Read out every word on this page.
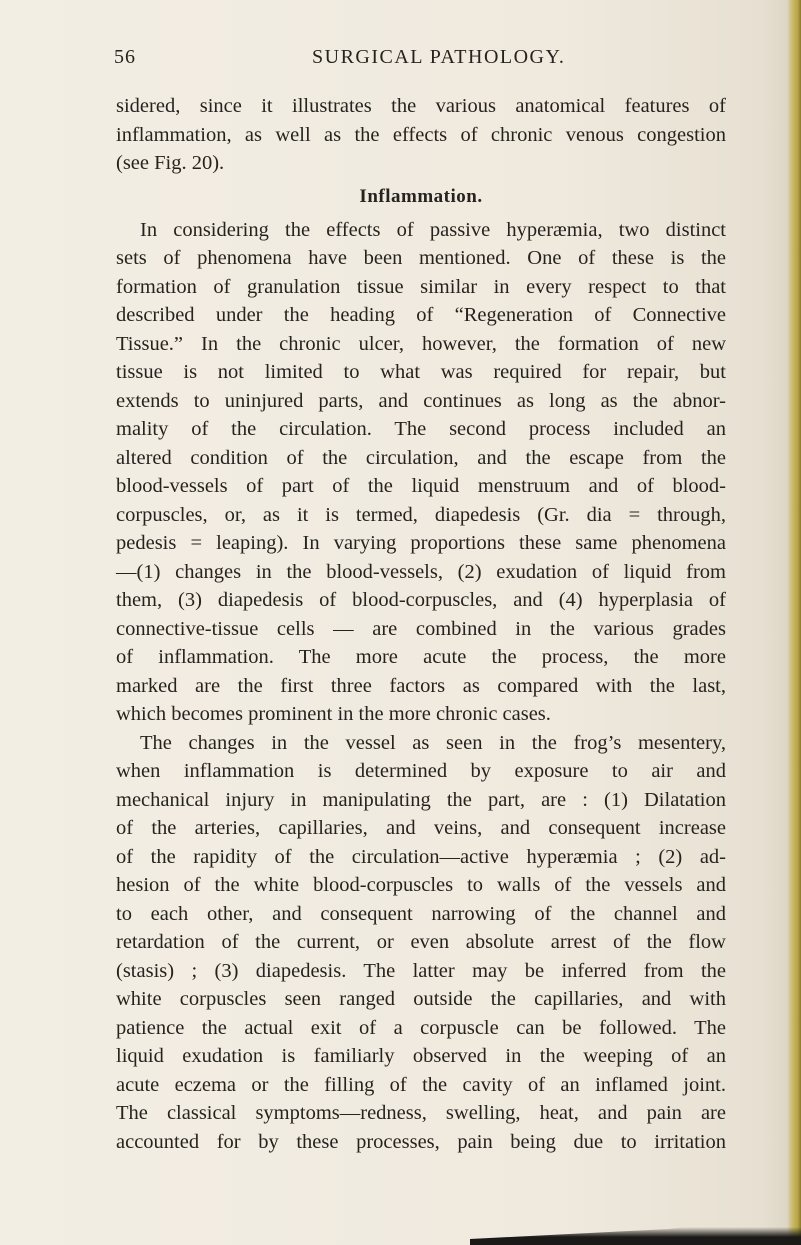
56	SURGICAL PATHOLOGY.
sidered, since it illustrates the various anatomical features of
inflammation, as well as the effects of chronic venous congestion
(see Fig. 20).
Inflammation.
In considering the effects of passive hyperæmia, two distinct
sets of phenomena have been mentioned. One of these is the
formation of granulation tissue similar in every respect to that
described under the heading of “Regeneration of Connective
Tissue.” In the chronic ulcer, however, the formation of new
tissue is not limited to what was required for repair, but
extends to uninjured parts, and continues as long as the abnor-
mality of the circulation. The second process included an
altered condition of the circulation, and the escape from the
blood-vessels of part of the liquid menstruum and of blood-
corpuscles, or, as it is termed, diapedesis (Gr. dia = through,
pedesis = leaping). In varying proportions these same phenomena
—(1) changes in the blood-vessels, (2) exudation of liquid from
them, (3) diapedesis of blood-corpuscles, and (4) hyperplasia of
connective-tissue cells — are combined in the various grades
of inflammation. The more acute the process, the more
marked are the first three factors as compared with the last,
which becomes prominent in the more chronic cases.
The changes in the vessel as seen in the frog’s mesentery,
when inflammation is determined by exposure to air and
mechanical injury in manipulating the part, are : (1) Dilatation
of the arteries, capillaries, and veins, and consequent increase
of the rapidity of the circulation—active hyperæmia ; (2) ad-
hesion of the white blood-corpuscles to walls of the vessels and
to each other, and consequent narrowing of the channel and
retardation of the current, or even absolute arrest of the flow
(stasis) ; (3) diapedesis. The latter may be inferred from the
white corpuscles seen ranged outside the capillaries, and with
patience the actual exit of a corpuscle can be followed. The
liquid exudation is familiarly observed in the weeping of an
acute eczema or the filling of the cavity of an inflamed joint.
The classical symptoms—redness, swelling, heat, and pain are
accounted for by these processes, pain being due to irritation
